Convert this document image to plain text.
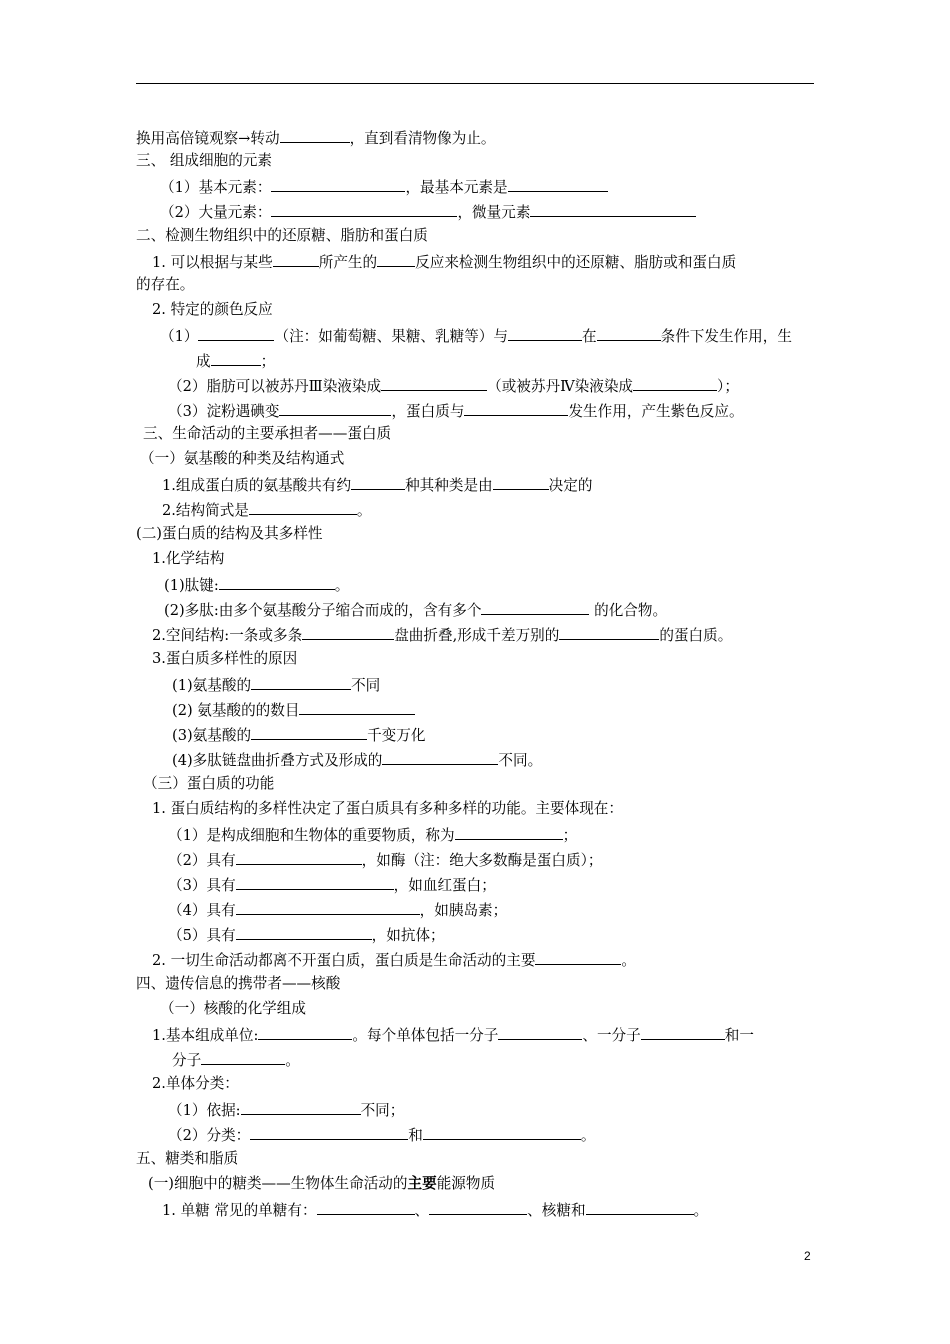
换用高倍镜观察→转动	，直到看清物像为止。
三、 组成细胞的元素
（1）基本元素：	，最基本元素是
（2）大量元素：	，微量元素
二、检测生物组织中的还原糖、脂肪和蛋白质
1. 可以根据与某些	所产生的	反应来检测生物组织中的还原糖、脂肪或和蛋白质
的存在。
2. 特定的颜色反应
（1）	（注：如葡萄糖、果糖、乳糖等）与	在	条件下发生作用，生
成	；
（2）脂肪可以被苏丹Ⅲ染液染成	（或被苏丹Ⅳ染液染成	）；
（3）淀粉遇碘变	，蛋白质与	发生作用，产生紫色反应。
三、生命活动的主要承担者——蛋白质
（一）氨基酸的种类及结构通式
1.组成蛋白质的氨基酸共有约	种其种类是由	决定的
2.结构简式是	。
(二)蛋白质的结构及其多样性
1.化学结构
(1)肽键:	。
(2)多肽:由多个氨基酸分子缩合而成的，含有多个	的化合物。
2.空间结构:一条或多条	盘曲折叠,形成千差万别的	的蛋白质。
3.蛋白质多样性的原因
(1)氨基酸的	不同
(2) 氨基酸的的数目
(3)氨基酸的	千变万化
(4)多肽链盘曲折叠方式及形成的	不同。
（三）蛋白质的功能
1. 蛋白质结构的多样性决定了蛋白质具有多种多样的功能。主要体现在：
（1）是构成细胞和生物体的重要物质，称为	；
（2）具有	，如酶（注：绝大多数酶是蛋白质）；
（3）具有	，如血红蛋白；
（4）具有	，如胰岛素；
（5）具有	，如抗体；
2. 一切生命活动都离不开蛋白质，蛋白质是生命活动的主要	。
四、遗传信息的携带者——核酸
（一）核酸的化学组成
1.基本组成单位:	。每个单体包括一分子	、一分子	和一
分子	。
2.单体分类：
（1）依据:	不同；
（2）分类：	和	。
五、糖类和脂质
(一)细胞中的糖类——生物体生命活动的主要能源物质
1. 单糖 常见的单糖有：	、	、核糖和	。
2
